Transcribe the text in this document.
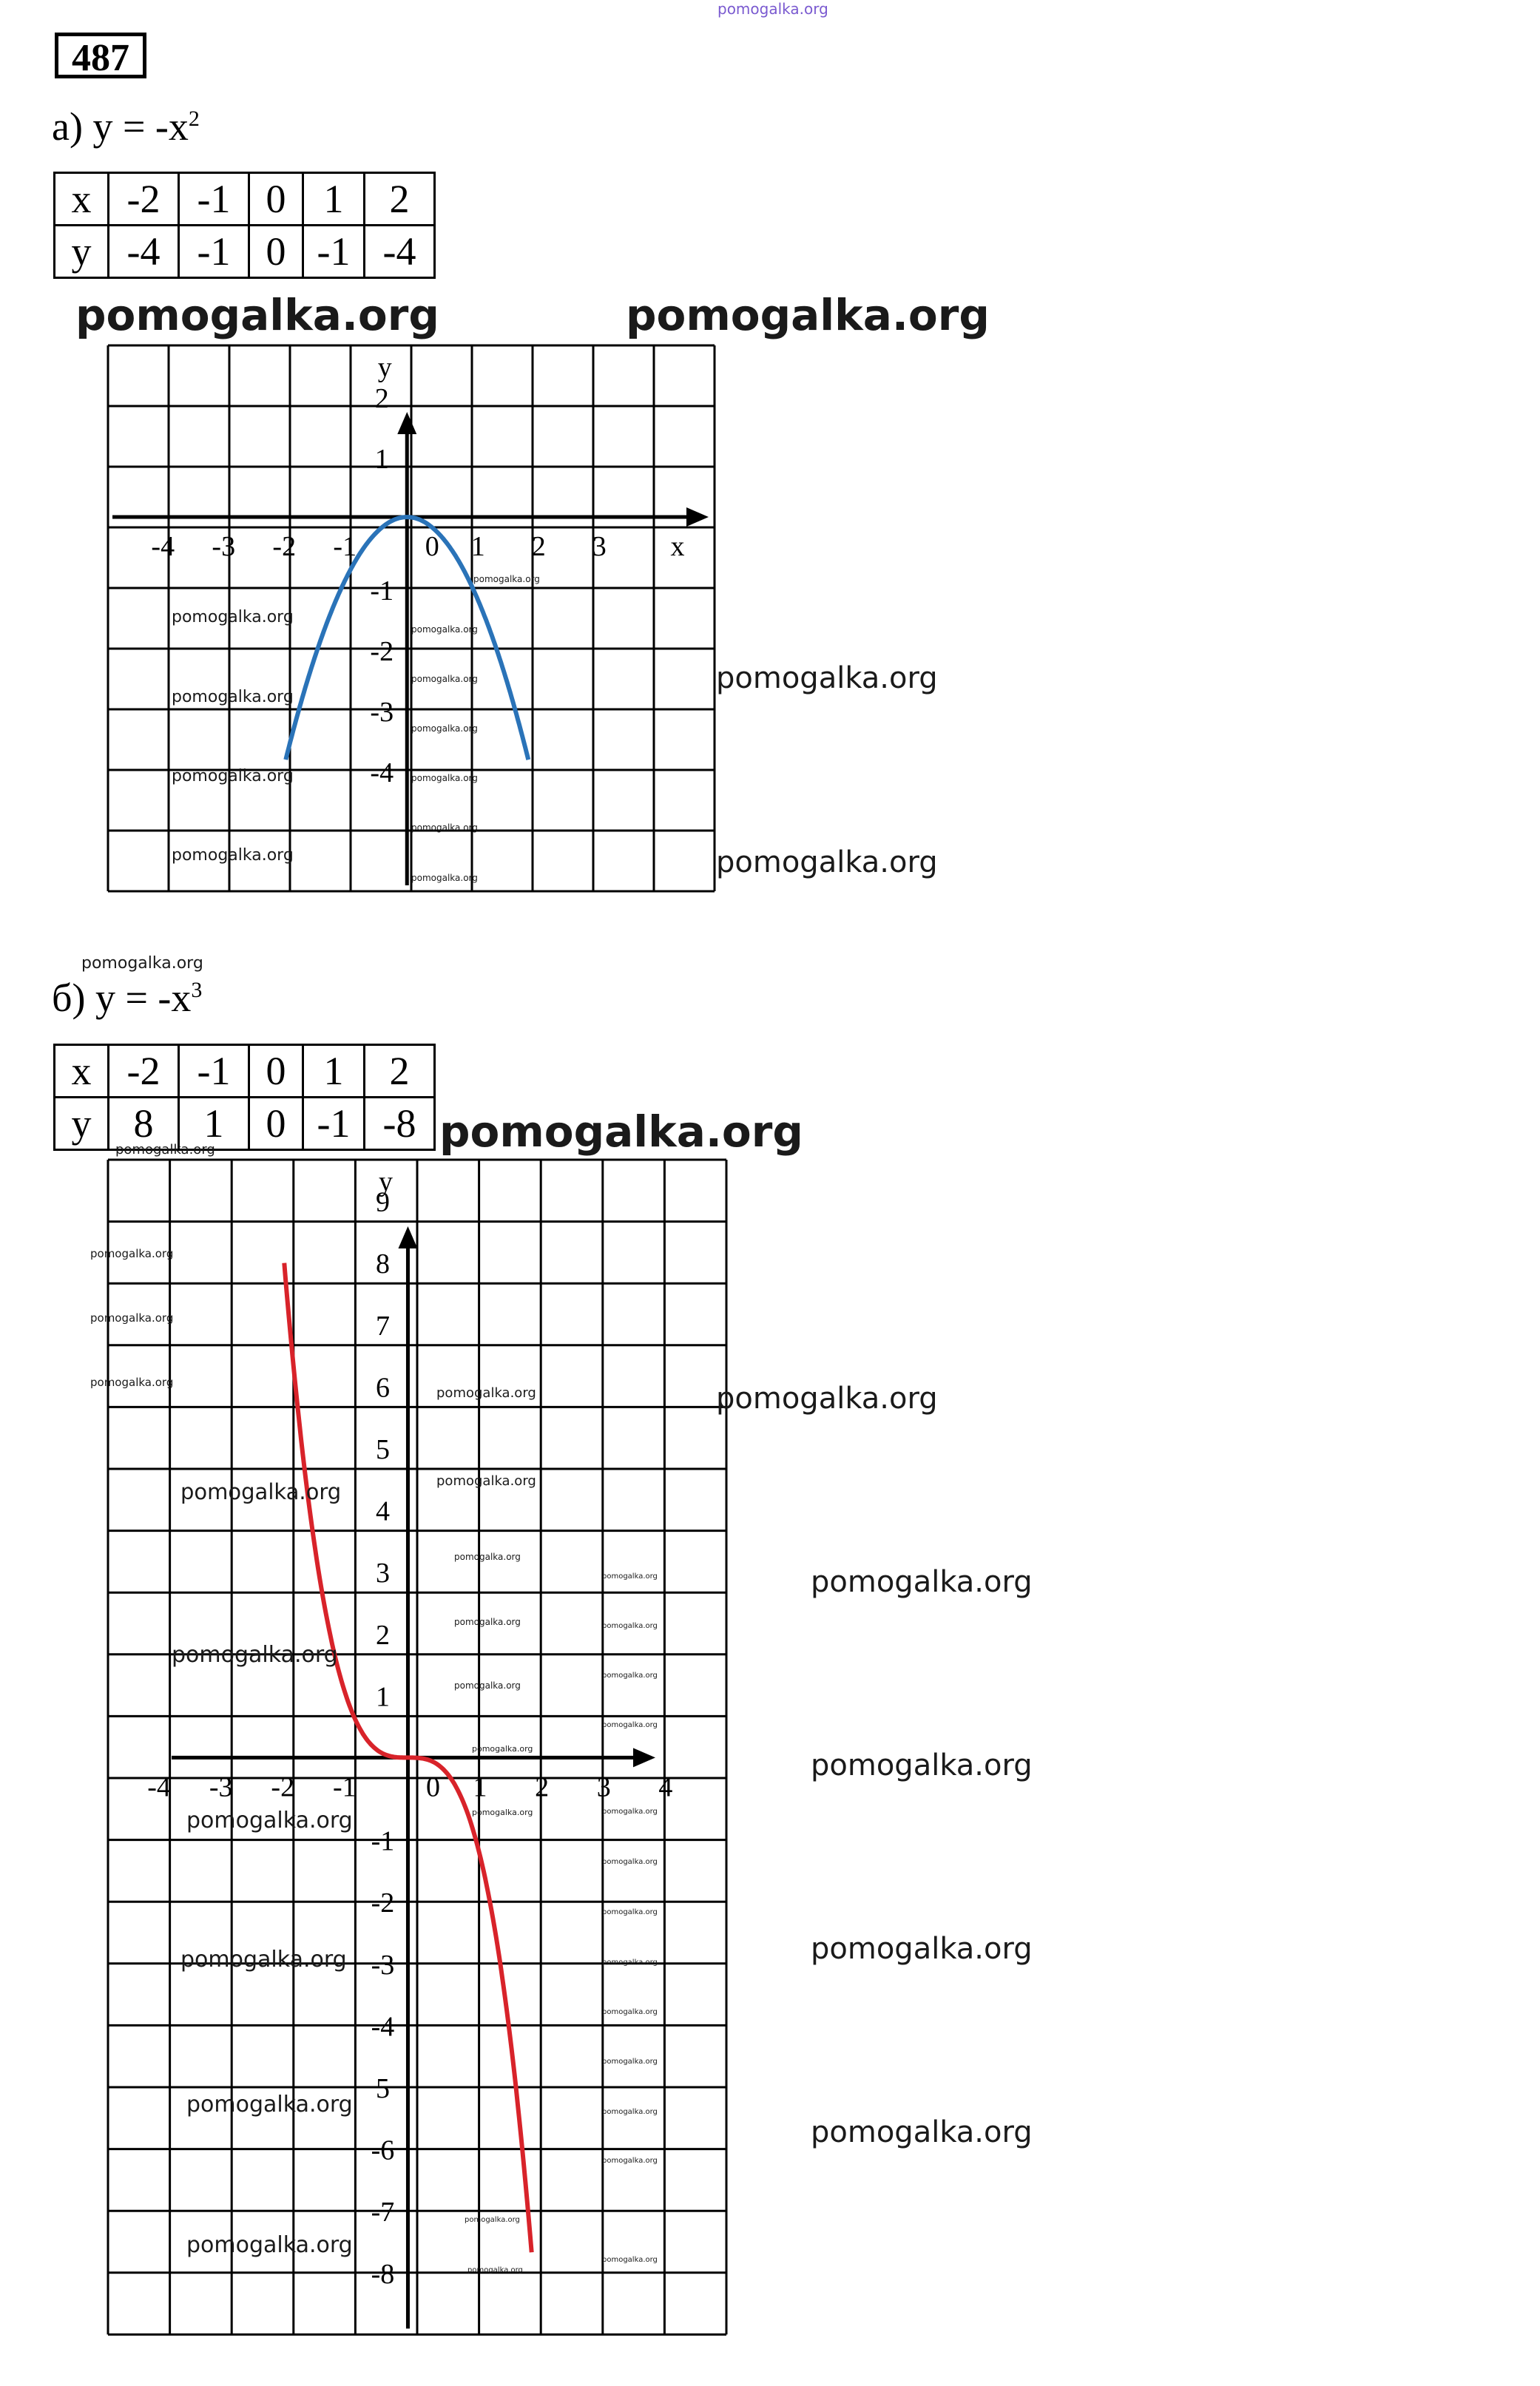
pomogalka.org
487
а) $y = -x^2$
x	-2	-1	0	1	2
y	-4	-1	0	-1	-4
-4 -3 -2 -1 0 1 2 3
2
1
-1
-2
-3
-4
y
x
б) $y = -x^3$
x	-2	-1	0	1	2
y	8	1	0	-1	-8
-4 -3 -2 -1 0 1 2 3 4
9
8
7
6
5
4
3
2
1
-1
-2
-3
-4
5
-6
-7
-8
y
pomogalka.org	pomogalka.org
pomogalka.org
pomogalka.org
pomogalka.org
pomogalka.org
pomogalka.org
pomogalka.org
pomogalka.org
pomogalka.org
pomogalka.org
pomogalka.org
pomogalka.org
pomogalka.org
pomogalka.org
pomogalka.org
pomogalka.org
pomogalka.org
pomogalka.org
pomogalka.org
pomogalka.org	pomogalka.org
pomogalka.org
pomogalka.org
pomogalka.org
pomogalka.org
pomogalka.org
pomogalka.org
pomogalka.org	pomogalka.org
pomogalka.org
pomogalka.org
pomogalka.org
pomogalka.org
pomogalka.org	pomogalka.org
pomogalka.org	pomogalka.org	pomogalka.org
pomogalka.org
pomogalka.org
pomogalka.org
pomogalka.org	pomogalka.org
pomogalka.org
pomogalka.org
pomogalka.org
pomogalka.org
pomogalka.org
pomogalka.org
pomogalka.org
pomogalka.org
pomogalka.org
pomogalka.org
